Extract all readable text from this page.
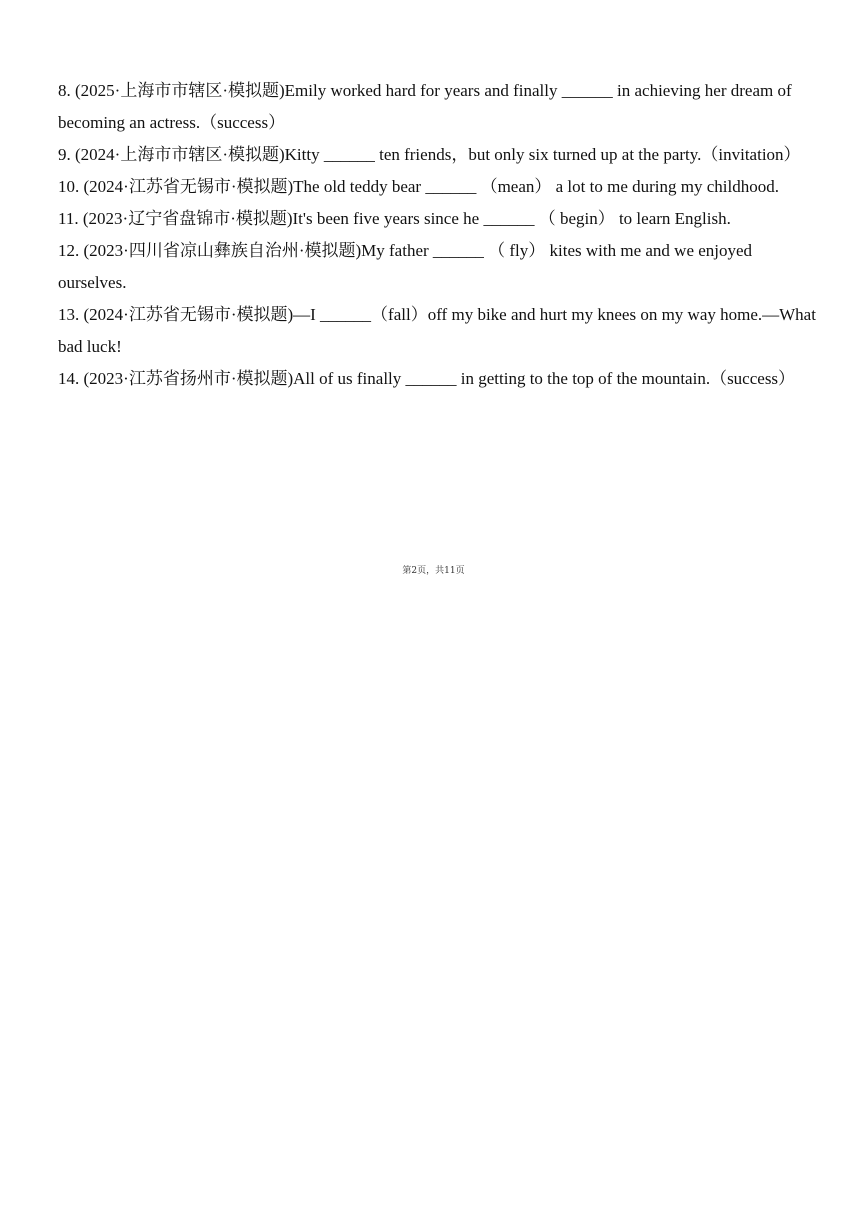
8. (2025·上海市市辖区·模拟题)Emily worked hard for years and finally ______ in achieving her dream of becoming an actress.（success）

9. (2024·上海市市辖区·模拟题)Kitty ______ ten friends，but only six turned up at the party.（invitation）

10. (2024·江苏省无锡市·模拟题)The old teddy bear ______ （mean） a lot to me during my childhood.

11. (2023·辽宁省盘锦市·模拟题)It's been five years since he ______ （ begin） to learn English.

12. (2023·四川省凉山彝族自治州·模拟题)My father ______ （ fly） kites with me and we enjoyed ourselves.

13. (2024·江苏省无锡市·模拟题)—I ______（fall）off my bike and hurt my knees on my way home.—What bad luck!

14. (2023·江苏省扬州市·模拟题)All of us finally ______ in getting to the top of the mountain.（success）

第2页，共11页
